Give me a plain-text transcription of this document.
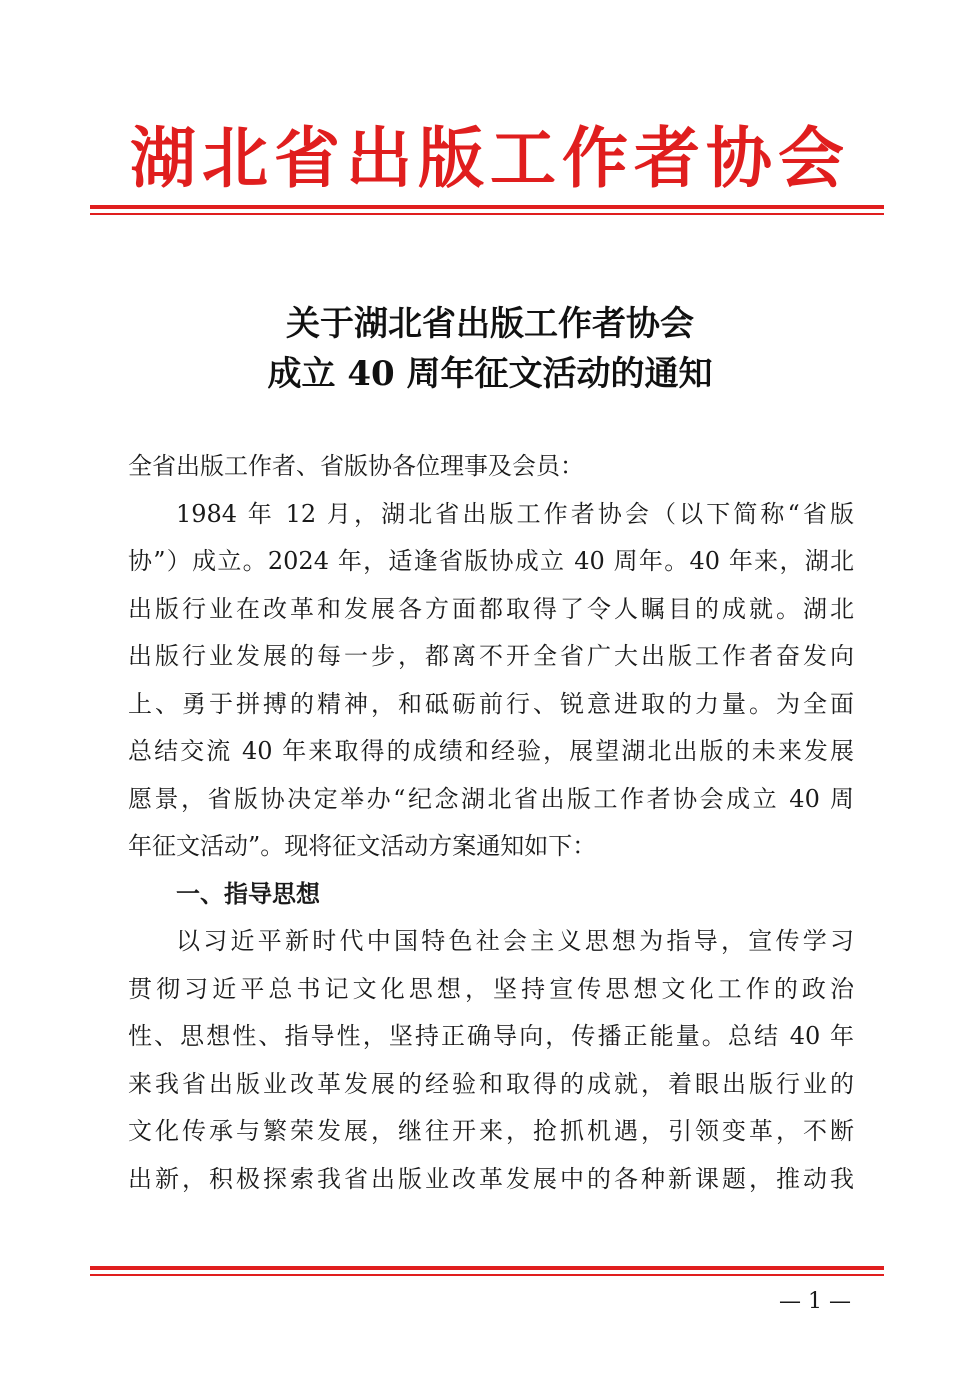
湖北省出版工作者协会
关于湖北省出版工作者协会
成立 40 周年征文活动的通知

全省出版工作者、省版协各位理事及会员：

1984 年 12 月，湖北省出版工作者协会（以下简称“省版

协”）成立。2024 年，适逢省版协成立 40 周年。40 年来，湖北

出版行业在改革和发展各方面都取得了令人瞩目的成就。湖北

出版行业发展的每一步，都离不开全省广大出版工作者奋发向

上、勇于拼搏的精神，和砥砺前行、锐意进取的力量。为全面

总结交流 40 年来取得的成绩和经验，展望湖北出版的未来发展

愿景，省版协决定举办“纪念湖北省出版工作者协会成立 40 周

年征文活动”。现将征文活动方案通知如下：

一、指导思想

以习近平新时代中国特色社会主义思想为指导，宣传学习

贯彻习近平总书记文化思想，坚持宣传思想文化工作的政治

性、思想性、指导性，坚持正确导向，传播正能量。总结 40 年

来我省出版业改革发展的经验和取得的成就，着眼出版行业的

文化传承与繁荣发展，继往开来，抢抓机遇，引领变革，不断

出新，积极探索我省出版业改革发展中的各种新课题，推动我

— 1 —
